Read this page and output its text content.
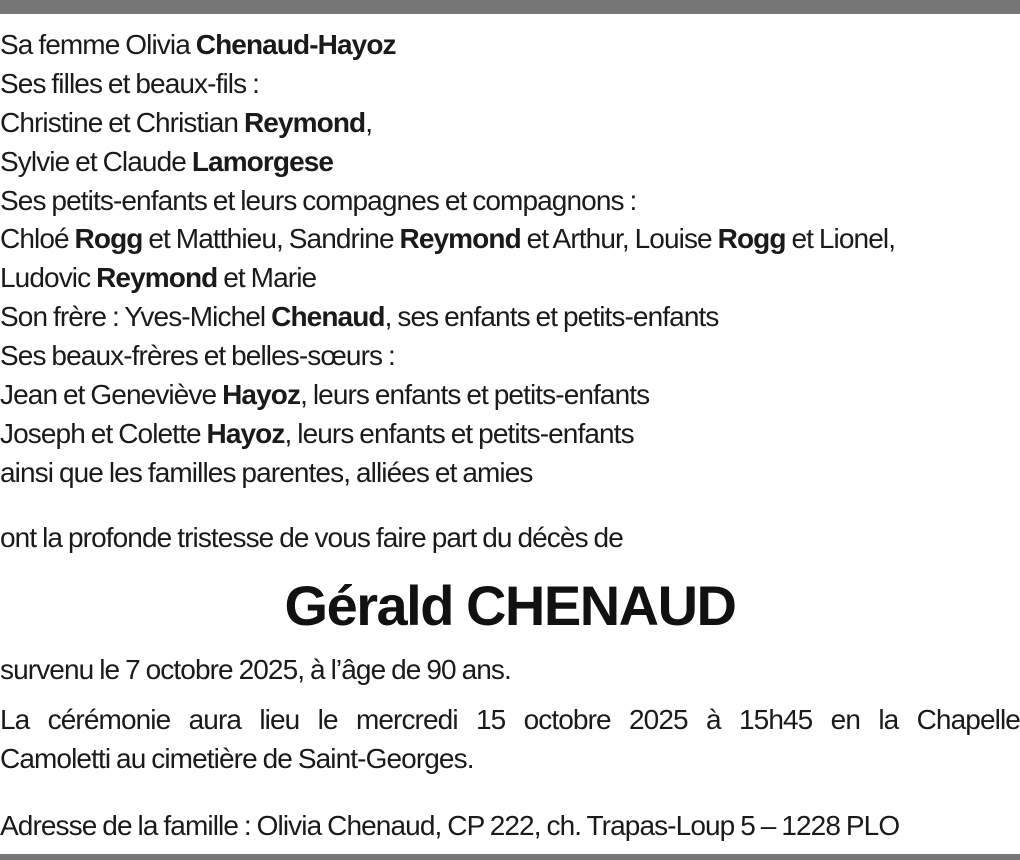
Sa femme Olivia Chenaud-Hayoz
Ses filles et beaux-fils :
Christine et Christian Reymond,
Sylvie et Claude Lamorgese
Ses petits-enfants et leurs compagnes et compagnons :
Chloé Rogg et Matthieu, Sandrine Reymond et Arthur, Louise Rogg et Lionel,
Ludovic Reymond et Marie
Son frère : Yves-Michel Chenaud, ses enfants et petits-enfants
Ses beaux-frères et belles-sœurs :
Jean et Geneviève Hayoz, leurs enfants et petits-enfants
Joseph et Colette Hayoz, leurs enfants et petits-enfants
ainsi que les familles parentes, alliées et amies
ont la profonde tristesse de vous faire part du décès de
Gérald CHENAUD
survenu le 7 octobre 2025, à l’âge de 90 ans.
La cérémonie aura lieu le mercredi 15 octobre 2025 à 15h45 en la Chapelle
Camoletti au cimetière de Saint-Georges.
Adresse de la famille : Olivia Chenaud, CP 222, ch. Trapas-Loup 5 – 1228 PLO
